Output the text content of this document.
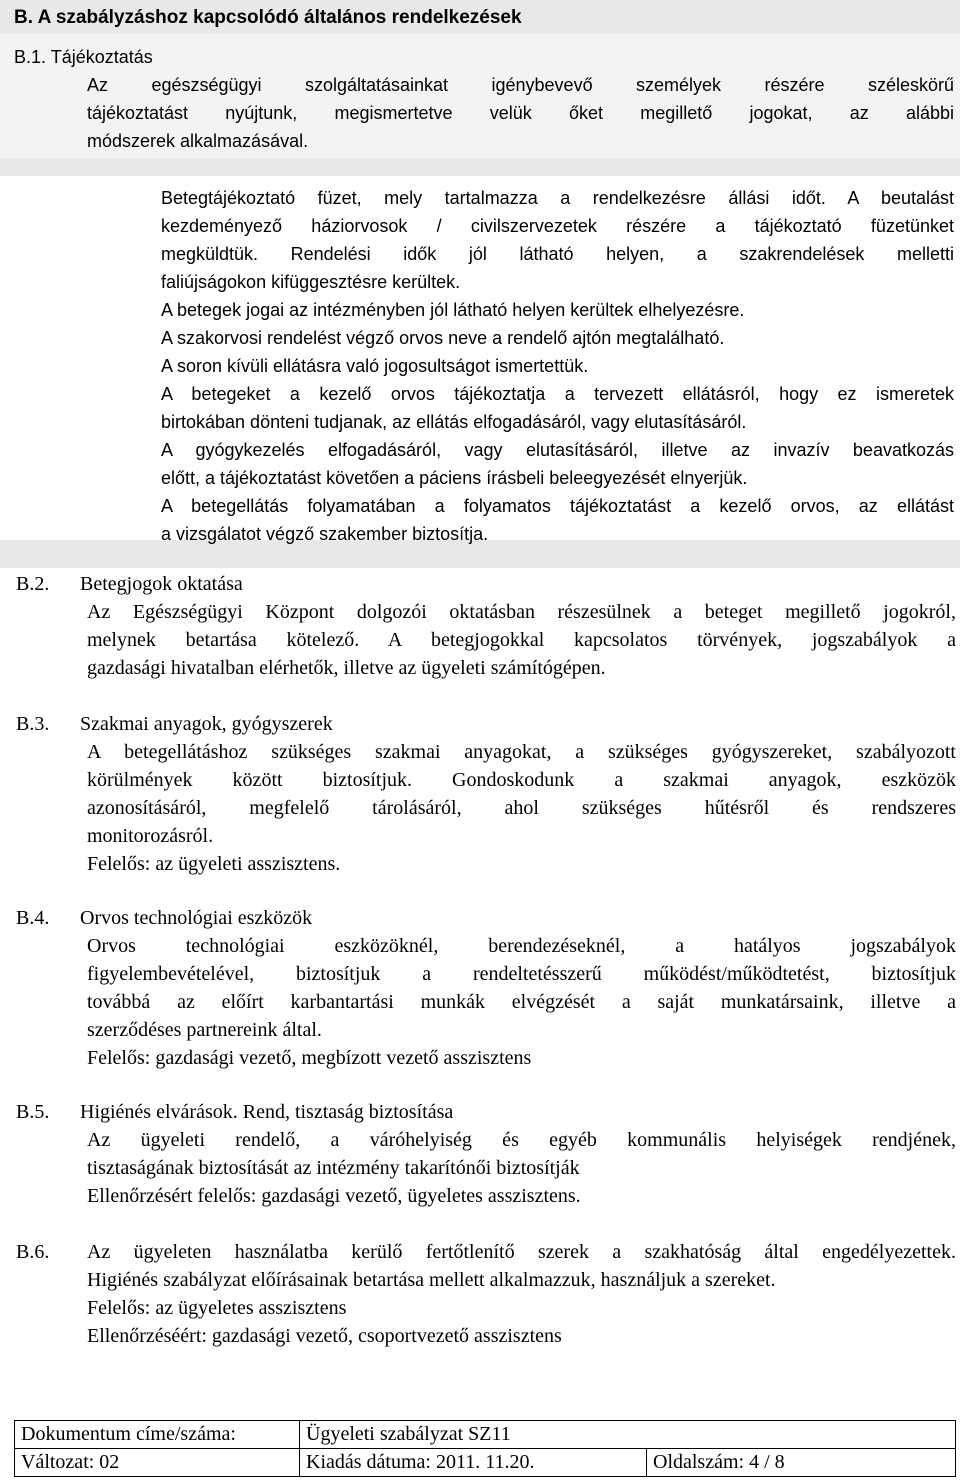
B. A szabályzáshoz kapcsolódó általános rendelkezések
B.1. Tájékoztatás
Az egészségügyi szolgáltatásainkat igénybevevő személyek részére széleskörű
tájékoztatást nyújtunk, megismertetve velük őket megillető jogokat, az alábbi
módszerek alkalmazásával.
Betegtájékoztató füzet, mely tartalmazza a rendelkezésre állási időt. A beutalást
kezdeményező háziorvosok / civilszervezetek részére a tájékoztató füzetünket
megküldtük. Rendelési idők jól látható helyen, a szakrendelések melletti
faliújságokon kifüggesztésre kerültek.
A betegek jogai az intézményben jól látható helyen kerültek elhelyezésre.
A szakorvosi rendelést végző orvos neve a rendelő ajtón megtalálható.
A soron kívüli ellátásra való jogosultságot ismertettük.
A betegeket a kezelő orvos tájékoztatja a tervezett ellátásról, hogy ez ismeretek
birtokában dönteni tudjanak, az ellátás elfogadásáról, vagy elutasításáról.
A gyógykezelés elfogadásáról, vagy elutasításáról, illetve az invazív beavatkozás
előtt, a tájékoztatást követően a páciens írásbeli beleegyezését elnyerjük.
A betegellátás folyamatában a folyamatos tájékoztatást a kezelő orvos, az ellátást
a vizsgálatot végző szakember biztosítja.
B.2. Betegjogok oktatása
Az Egészségügyi Központ dolgozói oktatásban részesülnek a beteget megillető jogokról,
melynek betartása kötelező. A betegjogokkal kapcsolatos törvények, jogszabályok a
gazdasági hivatalban elérhetők, illetve az ügyeleti számítógépen.
B.3. Szakmai anyagok, gyógyszerek
A betegellátáshoz szükséges szakmai anyagokat, a szükséges gyógyszereket, szabályozott
körülmények között biztosítjuk. Gondoskodunk a szakmai anyagok, eszközök
azonosításáról, megfelelő tárolásáról, ahol szükséges hűtésről és rendszeres
monitorozásról.
Felelős: az ügyeleti asszisztens.
B.4. Orvos technológiai eszközök
Orvos technológiai eszközöknél, berendezéseknél, a hatályos jogszabályok
figyelembevételével, biztosítjuk a rendeltetésszerű működést/működtetést, biztosítjuk
továbbá az előírt karbantartási munkák elvégzését a saját munkatársaink, illetve a
szerződéses partnereink által.
Felelős: gazdasági vezető, megbízott vezető asszisztens
B.5. Higiénés elvárások. Rend, tisztaság biztosítása
Az ügyeleti rendelő, a váróhelyiség és egyéb kommunális helyiségek rendjének,
tisztaságának biztosítását az intézmény takarítónői biztosítják
Ellenőrzésért felelős: gazdasági vezető, ügyeletes asszisztens.
B.6. Az ügyeleten használatba kerülő fertőtlenítő szerek a szakhatóság által engedélyezettek.
Higiénés szabályzat előírásainak betartása mellett alkalmazzuk, használjuk a szereket.
Felelős: az ügyeletes asszisztens
Ellenőrzéséért: gazdasági vezető, csoportvezető asszisztens
Dokumentum címe/száma:	Ügyeleti szabályzat SZ11	
Változat: 02	Kiadás dátuma: 2011. 11.20.	Oldalszám: 4 / 8
